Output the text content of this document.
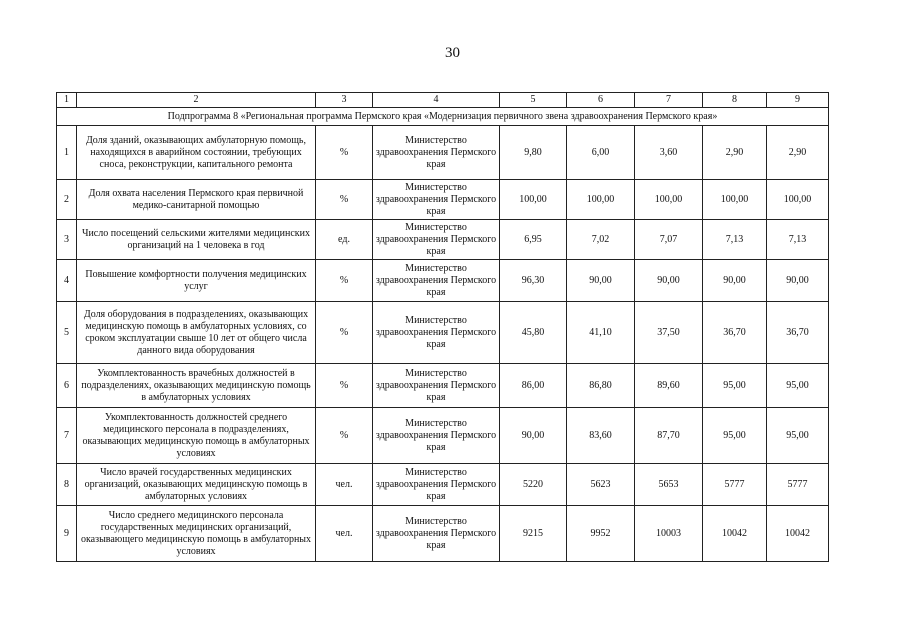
30
1	2	3	4	5	6	7	8	9
Подпрограмма 8 «Региональная программа Пермского края «Модернизация первичного звена здравоохранения Пермского края»								
1	Доля зданий, оказывающих амбулаторную помощь, находящихся в аварийном состоянии, требующих сноса, реконструкции, капитального ремонта	%	Министерство здравоохранения Пермского края	9,80	6,00	3,60	2,90	2,90
2	Доля охвата населения Пермского края первичной медико-санитарной помощью	%	Министерство здравоохранения Пермского края	100,00	100,00	100,00	100,00	100,00
3	Число посещений сельскими жителями медицинских организаций на 1 человека в год	ед.	Министерство здравоохранения Пермского края	6,95	7,02	7,07	7,13	7,13
4	Повышение комфортности получения медицинских услуг	%	Министерство здравоохранения Пермского края	96,30	90,00	90,00	90,00	90,00
5	Доля оборудования в подразделениях, оказывающих медицинскую помощь в амбулаторных условиях, со сроком эксплуатации свыше 10 лет от общего числа данного вида оборудования	%	Министерство здравоохранения Пермского края	45,80	41,10	37,50	36,70	36,70
6	Укомплектованность врачебных должностей в подразделениях, оказывающих медицинскую помощь в амбулаторных условиях	%	Министерство здравоохранения Пермского края	86,00	86,80	89,60	95,00	95,00
7	Укомплектованность должностей среднего медицинского персонала в подразделениях, оказывающих медицинскую помощь в амбулаторных условиях	%	Министерство здравоохранения Пермского края	90,00	83,60	87,70	95,00	95,00
8	Число врачей государственных медицинских организаций, оказывающих медицинскую помощь в амбулаторных условиях	чел.	Министерство здравоохранения Пермского края	5220	5623	5653	5777	5777
9	Число среднего медицинского персонала государственных медицинских организаций, оказывающего медицинскую помощь в амбулаторных условиях	чел.	Министерство здравоохранения Пермского края	9215	9952	10003	10042	10042
